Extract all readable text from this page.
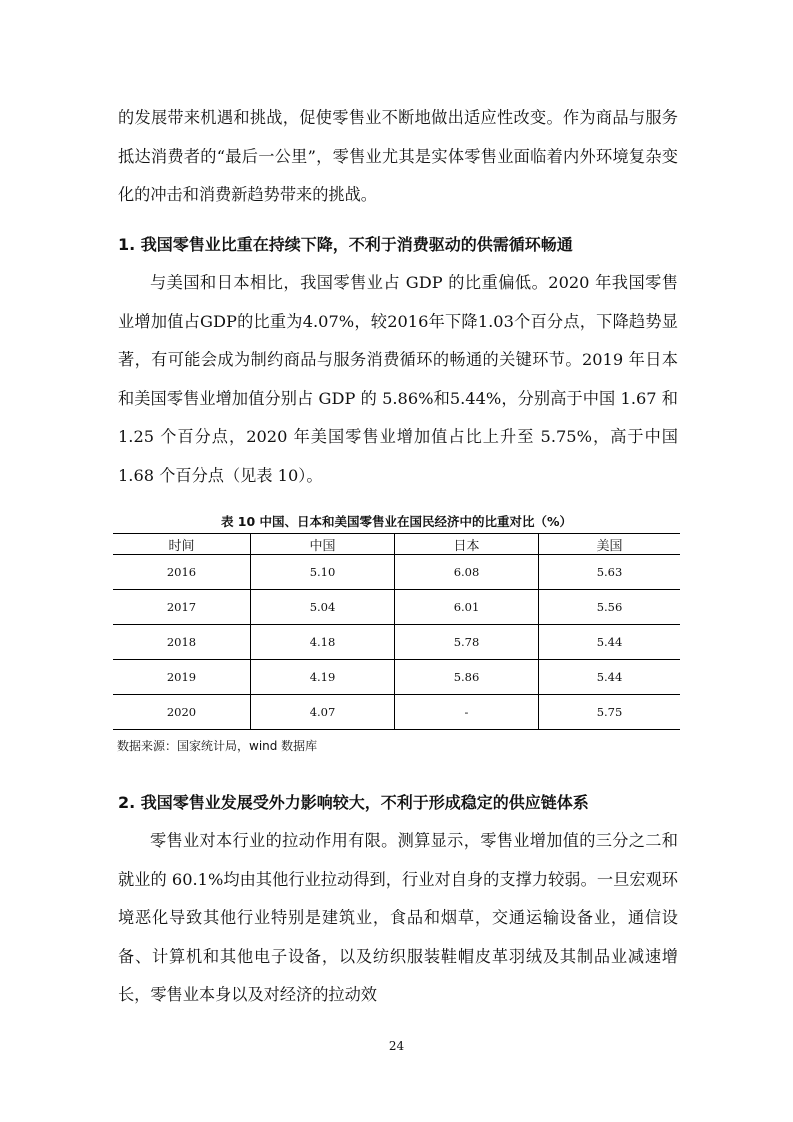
的发展带来机遇和挑战，促使零售业不断地做出适应性改变。作为商品与服务抵达消费者的“最后一公里”，零售业尤其是实体零售业面临着内外环境复杂变化的冲击和消费新趋势带来的挑战。

1. 我国零售业比重在持续下降，不利于消费驱动的供需循环畅通

与美国和日本相比，我国零售业占 GDP 的比重偏低。2020 年我国零售业增加值占GDP的比重为4.07%，较2016年下降1.03个百分点，下降趋势显著，有可能会成为制约商品与服务消费循环的畅通的关键环节。2019 年日本和美国零售业增加值分别占 GDP 的 5.86%和5.44%，分别高于中国 1.67 和 1.25 个百分点，2020 年美国零售业增加值占比上升至 5.75%，高于中国 1.68 个百分点（见表 10）。

表 10 中国、日本和美国零售业在国民经济中的比重对比（%）

时间	中国	日本	美国
2016	5.10	6.08	5.63
2017	5.04	6.01	5.56
2018	4.18	5.78	5.44
2019	4.19	5.86	5.44
2020	4.07	-	5.75

数据来源：国家统计局，wind 数据库

2. 我国零售业发展受外力影响较大，不利于形成稳定的供应链体系

零售业对本行业的拉动作用有限。测算显示，零售业增加值的三分之二和就业的 60.1%均由其他行业拉动得到，行业对自身的支撑力较弱。一旦宏观环境恶化导致其他行业特别是建筑业，食品和烟草，交通运输设备业，通信设备、计算机和其他电子设备，以及纺织服装鞋帽皮革羽绒及其制品业减速增长，零售业本身以及对经济的拉动效

24
